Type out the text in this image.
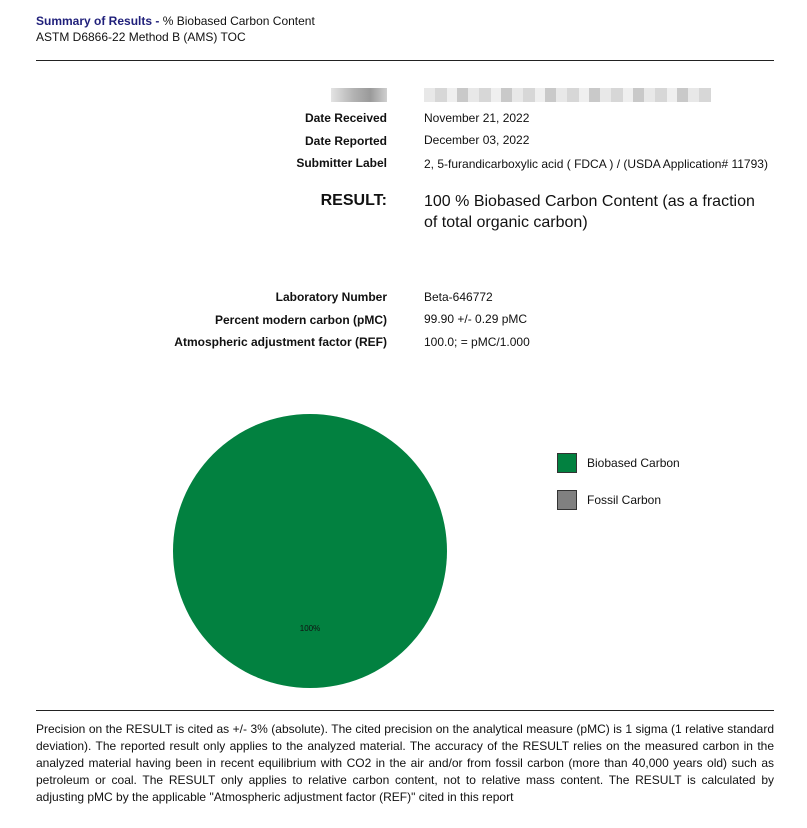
Summary of Results - % Biobased Carbon Content
ASTM D6866-22 Method B (AMS) TOC
Date Received	November 21, 2022
Date Reported	December 03, 2022
Submitter Label	2, 5-furandicarboxylic acid ( FDCA ) / (USDA Application# 11793)
RESULT: 100 % Biobased Carbon Content (as a fraction of total organic carbon)
Laboratory Number	Beta-646772
Percent modern carbon (pMC)	99.90 +/- 0.29 pMC
Atmospheric adjustment factor (REF)	100.0; = pMC/1.000
100%
Biobased Carbon
Fossil Carbon
Precision on the RESULT is cited as +/- 3% (absolute). The cited precision on the analytical measure (pMC) is 1 sigma (1 relative standard deviation). The reported result only applies to the analyzed material. The accuracy of the RESULT relies on the measured carbon in the analyzed material having been in recent equilibrium with CO2 in the air and/or from fossil carbon (more than 40,000 years old) such as petroleum or coal. The RESULT only applies to relative carbon content, not to relative mass content. The RESULT is calculated by adjusting pMC by the applicable "Atmospheric adjustment factor (REF)" cited in this report
